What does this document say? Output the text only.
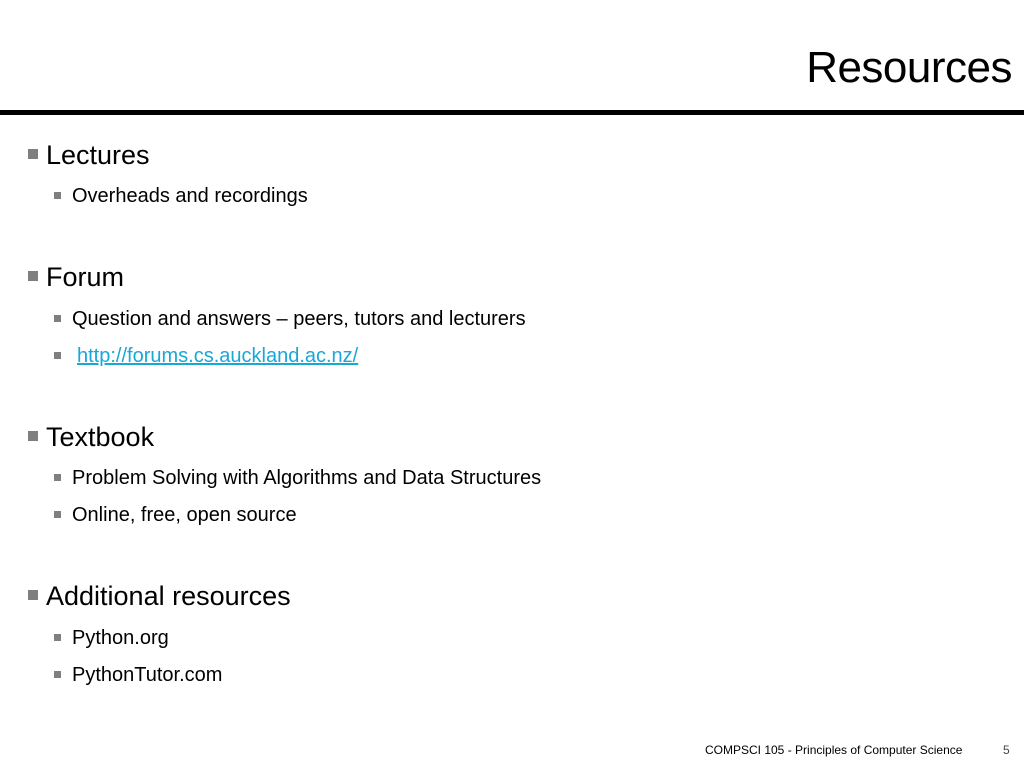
Resources
Lectures
Overheads and recordings
Forum
Question and answers – peers, tutors and lecturers
http://forums.cs.auckland.ac.nz/
Textbook
Problem Solving with Algorithms and Data Structures
Online, free, open source
Additional resources
Python.org
PythonTutor.com
COMPSCI 105 - Principles of Computer Science	5
